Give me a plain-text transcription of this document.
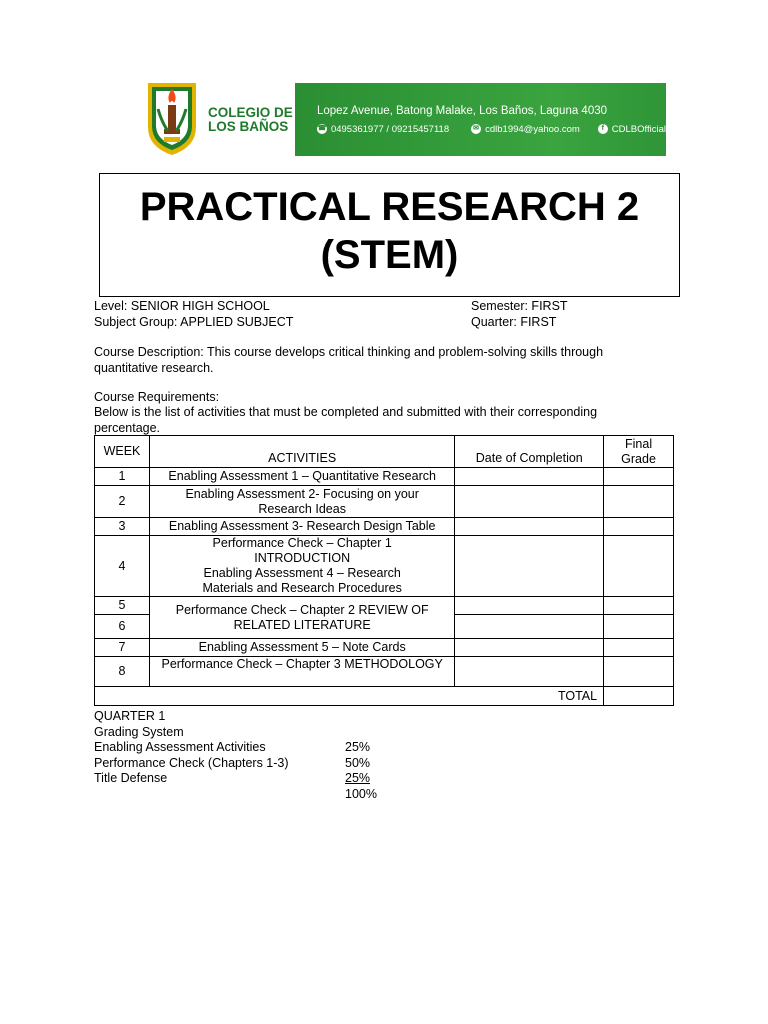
COLEGIO DE
LOS BAÑOS
Lopez Avenue, Batong Malake, Los Baños, Laguna 4030
☎ 0495361977 / 09215457118	✉ cdlb1994@yahoo.com	f CDLBOfficial
PRACTICAL RESEARCH 2
(STEM)
Level: SENIOR HIGH SCHOOL
Subject Group: APPLIED SUBJECT
Semester: FIRST
Quarter: FIRST
Course Description: This course develops critical thinking and problem-solving skills through quantitative research.
Course Requirements:
Below is the list of activities that must be completed and submitted with their corresponding percentage.
WEEK	ACTIVITIES	Date of Completion	Final
Grade

1	Enabling Assessment 1 – Quantitative Research		
2	Enabling Assessment 2- Focusing on your Research Ideas		
3	Enabling Assessment 3- Research Design Table		
4	Performance Check – Chapter 1 INTRODUCTION
Enabling Assessment 4 – Research Materials and Research Procedures		

5	Performance Check – Chapter 2 REVIEW OF RELATED LITERATURE		
6			
7	Enabling Assessment 5 – Note Cards		
8	Performance Check – Chapter 3 METHODOLOGY		
TOTAL			
QUARTER 1
Grading System
Enabling Assessment Activities	25%
Performance Check (Chapters 1-3)	50%
Title Defense	25%
100%
